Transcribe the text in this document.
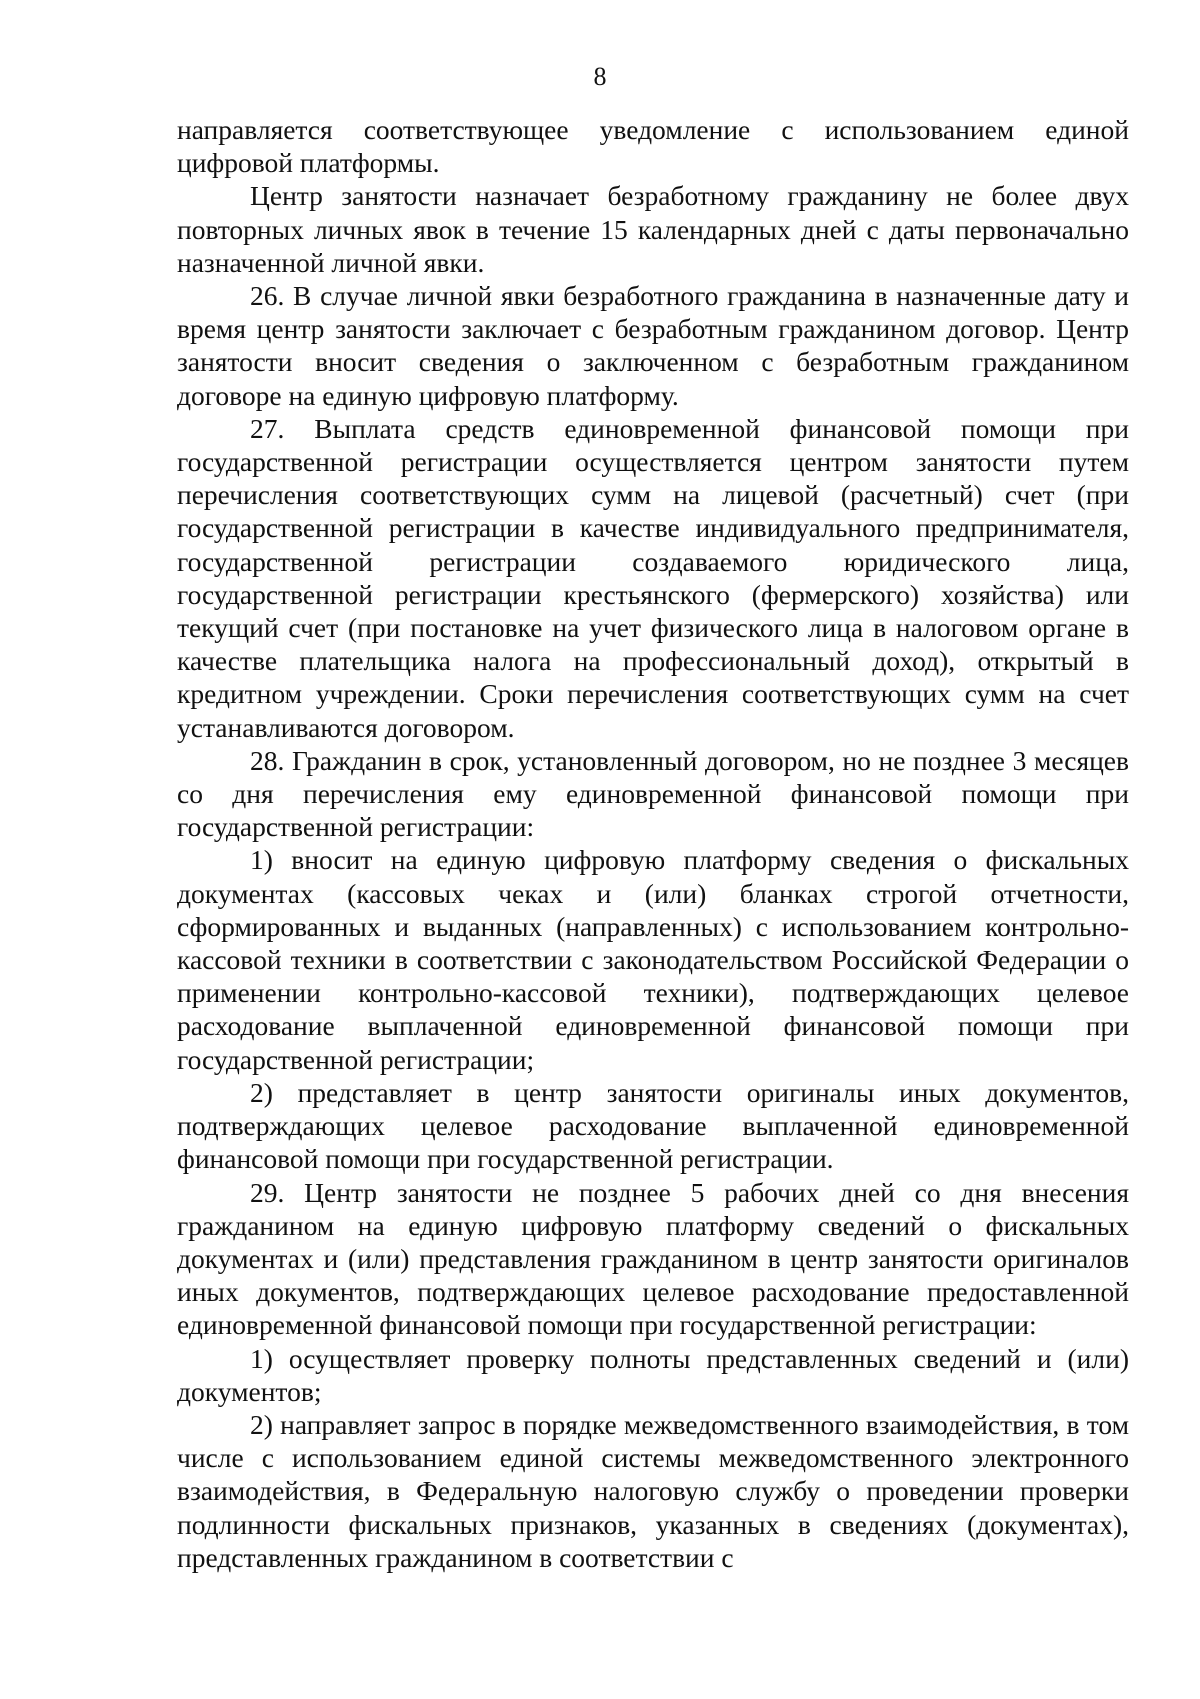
8

направляется соответствующее уведомление с использованием единой цифровой платформы.

Центр занятости назначает безработному гражданину не более двух повторных личных явок в течение 15 календарных дней с даты первоначально назначенной личной явки.

26. В случае личной явки безработного гражданина в назначенные дату и время центр занятости заключает с безработным гражданином договор. Центр занятости вносит сведения о заключенном с безработным гражданином договоре на единую цифровую платформу.

27. Выплата средств единовременной финансовой помощи при государственной регистрации осуществляется центром занятости путем перечисления соответствующих сумм на лицевой (расчетный) счет (при государственной регистрации в качестве индивидуального предпринимателя, государственной регистрации создаваемого юридического лица, государственной регистрации крестьянского (фермерского) хозяйства) или текущий счет (при постановке на учет физического лица в налоговом органе в качестве плательщика налога на профессиональный доход), открытый в кредитном учреждении. Сроки перечисления соответствующих сумм на счет устанавливаются договором.

28. Гражданин в срок, установленный договором, но не позднее 3 месяцев со дня перечисления ему единовременной финансовой помощи при государственной регистрации:

1) вносит на единую цифровую платформу сведения о фискальных документах (кассовых чеках и (или) бланках строгой отчетности, сформированных и выданных (направленных) с использованием контрольно-кассовой техники в соответствии с законодательством Российской Федерации о применении контрольно-кассовой техники), подтверждающих целевое расходование выплаченной единовременной финансовой помощи при государственной регистрации;

2) представляет в центр занятости оригиналы иных документов, подтверждающих целевое расходование выплаченной единовременной финансовой помощи при государственной регистрации.

29. Центр занятости не позднее 5 рабочих дней со дня внесения гражданином на единую цифровую платформу сведений о фискальных документах и (или) представления гражданином в центр занятости оригиналов иных документов, подтверждающих целевое расходование предоставленной единовременной финансовой помощи при государственной регистрации:

1) осуществляет проверку полноты представленных сведений и (или) документов;

2) направляет запрос в порядке межведомственного взаимодействия, в том числе с использованием единой системы межведомственного электронного взаимодействия, в Федеральную налоговую службу о проведении проверки подлинности фискальных признаков, указанных в сведениях (документах), представленных гражданином в соответствии с
